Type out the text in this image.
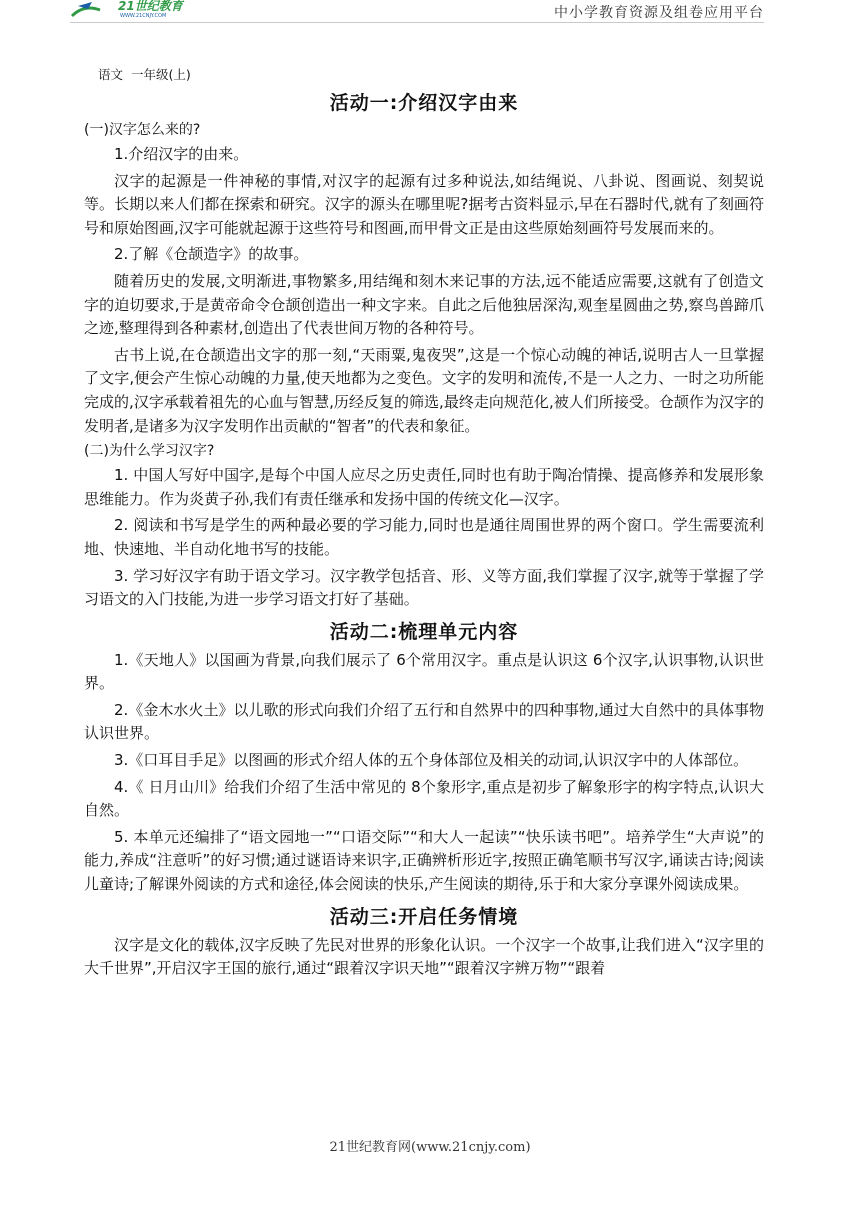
21世纪教育
WWW.21CNJY.COM	中小学教育资源及组卷应用平台
语文  一年级(上)
活动一:介绍汉字由来
(一)汉字怎么来的?

1.介绍汉字的由来。

汉字的起源是一件神秘的事情,对汉字的起源有过多种说法,如结绳说、八卦说、图画说、刻契说等。长期以来人们都在探索和研究。汉字的源头在哪里呢?据考古资料显示,早在石器时代,就有了刻画符号和原始图画,汉字可能就起源于这些符号和图画,而甲骨文正是由这些原始刻画符号发展而来的。

2.了解《仓颉造字》的故事。

随着历史的发展,文明渐进,事物繁多,用结绳和刻木来记事的方法,远不能适应需要,这就有了创造文字的迫切要求,于是黄帝命令仓颉创造出一种文字来。自此之后他独居深沟,观奎星圆曲之势,察鸟兽蹄爪之迹,整理得到各种素材,创造出了代表世间万物的各种符号。

古书上说,在仓颉造出文字的那一刻,“天雨粟,鬼夜哭”,这是一个惊心动魄的神话,说明古人一旦掌握了文字,便会产生惊心动魄的力量,使天地都为之变色。文字的发明和流传,不是一人之力、一时之功所能完成的,汉字承载着祖先的心血与智慧,历经反复的筛选,最终走向规范化,被人们所接受。仓颉作为汉字的发明者,是诸多为汉字发明作出贡献的“智者”的代表和象征。

(二)为什么学习汉字?

1. 中国人写好中国字,是每个中国人应尽之历史责任,同时也有助于陶冶情操、提高修养和发展形象思维能力。作为炎黄子孙,我们有责任继承和发扬中国的传统文化—汉字。

2. 阅读和书写是学生的两种最必要的学习能力,同时也是通往周围世界的两个窗口。学生需要流利地、快速地、半自动化地书写的技能。

3. 学习好汉字有助于语文学习。汉字教学包括音、形、义等方面,我们掌握了汉字,就等于掌握了学习语文的入门技能,为进一步学习语文打好了基础。

活动二:梳理单元内容

1.《天地人》以国画为背景,向我们展示了 6个常用汉字。重点是认识这 6个汉字,认识事物,认识世界。

2.《金木水火土》以儿歌的形式向我们介绍了五行和自然界中的四种事物,通过大自然中的具体事物认识世界。

3.《口耳目手足》以图画的形式介绍人体的五个身体部位及相关的动词,认识汉字中的人体部位。

4.《 日月山川》给我们介绍了生活中常见的 8个象形字,重点是初步了解象形字的构字特点,认识大自然。

5. 本单元还编排了“语文园地一”“口语交际”“和大人一起读”“快乐读书吧”。培养学生“大声说”的能力,养成“注意听”的好习惯;通过谜语诗来识字,正确辨析形近字,按照正确笔顺书写汉字,诵读古诗;阅读儿童诗;了解课外阅读的方式和途径,体会阅读的快乐,产生阅读的期待,乐于和大家分享课外阅读成果。

活动三:开启任务情境

汉字是文化的载体,汉字反映了先民对世界的形象化认识。一个汉字一个故事,让我们进入“汉字里的大千世界”,开启汉字王国的旅行,通过“跟着汉字识天地”“跟着汉字辨万物”“跟着

21世纪教育网(www.21cnjy.com)
